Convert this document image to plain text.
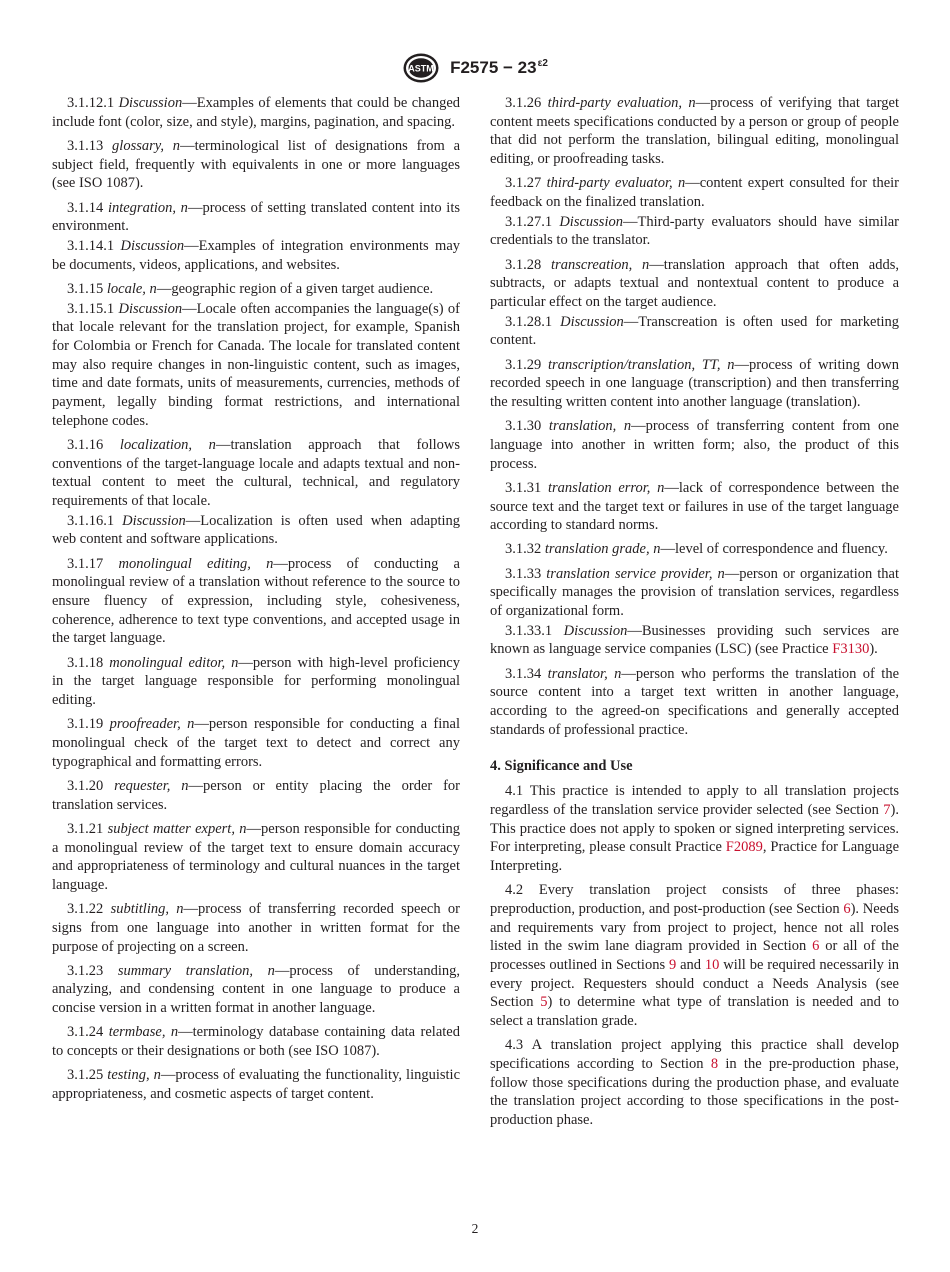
ASTM $F2575 - 23^{\varepsilon 2}$

3.1.12.1 Discussion—Examples of elements that could be changed include font (color, size, and style), margins, pagination, and spacing.

3.1.13 glossary, n—terminological list of designations from a subject field, frequently with equivalents in one or more languages (see ISO 1087).

3.1.14 integration, n—process of setting translated content into its environment.

3.1.14.1 Discussion—Examples of integration environments may be documents, videos, applications, and websites.

3.1.15 locale, n—geographic region of a given target audience.

3.1.15.1 Discussion—Locale often accompanies the language(s) of that locale relevant for the translation project, for example, Spanish for Colombia or French for Canada. The locale for translated content may also require changes in non-linguistic content, such as images, time and date formats, units of measurements, currencies, methods of payment, legally binding format restrictions, and international telephone codes.

3.1.16 localization, n—translation approach that follows conventions of the target-language locale and adapts textual and non-textual content to meet the cultural, technical, and regulatory requirements of that locale.

3.1.16.1 Discussion—Localization is often used when adapting web content and software applications.

3.1.17 monolingual editing, n—process of conducting a monolingual review of a translation without reference to the source to ensure fluency of expression, including style, cohesiveness, coherence, adherence to text type conventions, and accepted usage in the target language.

3.1.18 monolingual editor, n—person with high-level proficiency in the target language responsible for performing monolingual editing.

3.1.19 proofreader, n—person responsible for conducting a final monolingual check of the target text to detect and correct any typographical and formatting errors.

3.1.20 requester, n—person or entity placing the order for translation services.

3.1.21 subject matter expert, n—person responsible for conducting a monolingual review of the target text to ensure domain accuracy and appropriateness of terminology and cultural nuances in the target language.

3.1.22 subtitling, n—process of transferring recorded speech or signs from one language into another in written format for the purpose of projecting on a screen.

3.1.23 summary translation, n—process of understanding, analyzing, and condensing content in one language to produce a concise version in a written format in another language.

3.1.24 termbase, n—terminology database containing data related to concepts or their designations or both (see ISO 1087).

3.1.25 testing, n—process of evaluating the functionality, linguistic appropriateness, and cosmetic aspects of target content.

3.1.26 third-party evaluation, n—process of verifying that target content meets specifications conducted by a person or group of people that did not perform the translation, bilingual editing, monolingual editing, or proofreading tasks.

3.1.27 third-party evaluator, n—content expert consulted for their feedback on the finalized translation.

3.1.27.1 Discussion—Third-party evaluators should have similar credentials to the translator.

3.1.28 transcreation, n—translation approach that often adds, subtracts, or adapts textual and nontextual content to produce a particular effect on the target audience.

3.1.28.1 Discussion—Transcreation is often used for marketing content.

3.1.29 transcription/translation, TT, n—process of writing down recorded speech in one language (transcription) and then transferring the resulting written content into another language (translation).

3.1.30 translation, n—process of transferring content from one language into another in written form; also, the product of this process.

3.1.31 translation error, n—lack of correspondence between the source text and the target text or failures in use of the target language according to standard norms.

3.1.32 translation grade, n—level of correspondence and fluency.

3.1.33 translation service provider, n—person or organization that specifically manages the provision of translation services, regardless of organizational form.

3.1.33.1 Discussion—Businesses providing such services are known as language service companies (LSC) (see Practice F3130).

3.1.34 translator, n—person who performs the translation of the source content into a target text written in another language, according to the agreed-on specifications and generally accepted standards of professional practice.

4. Significance and Use

4.1 This practice is intended to apply to all translation projects regardless of the translation service provider selected (see Section 7). This practice does not apply to spoken or signed interpreting services. For interpreting, please consult Practice F2089, Practice for Language Interpreting.

4.2 Every translation project consists of three phases: preproduction, production, and post-production (see Section 6). Needs and requirements vary from project to project, hence not all roles listed in the swim lane diagram provided in Section 6 or all of the processes outlined in Sections 9 and 10 will be required necessarily in every project. Requesters should conduct a Needs Analysis (see Section 5) to determine what type of translation is needed and to select a translation grade.

4.3 A translation project applying this practice shall develop specifications according to Section 8 in the pre-production phase, follow those specifications during the production phase, and evaluate the translation project according to those specifications in the post-production phase.

2
